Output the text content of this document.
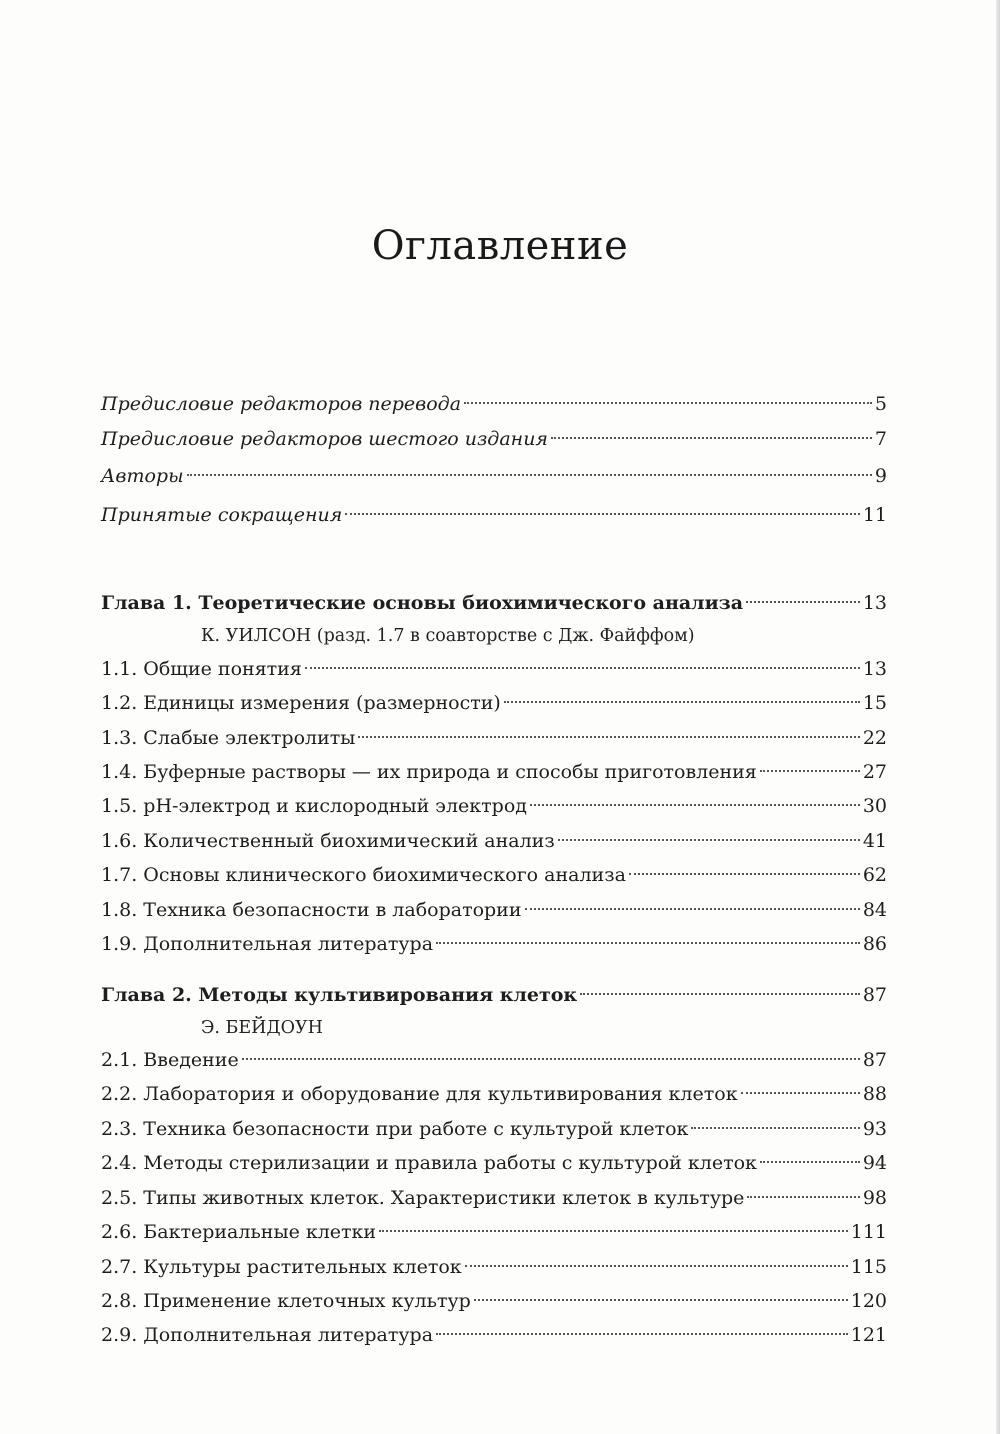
Оглавление
Предисловие редакторов перевода	5
Предисловие редакторов шестого издания	7
Авторы	9
Принятые сокращения	11
Глава 1. Теоретические основы биохимического анализа	13
К. УИЛСОН (разд. 1.7 в соавторстве с Дж. Файффом)
1.1. Общие понятия	13
1.2. Единицы измерения (размерности)	15
1.3. Слабые электролиты	22
1.4. Буферные растворы — их природа и способы приготовления	27
1.5. pH-электрод и кислородный электрод	30
1.6. Количественный биохимический анализ	41
1.7. Основы клинического биохимического анализа	62
1.8. Техника безопасности в лаборатории	84
1.9. Дополнительная литература	86
Глава 2. Методы культивирования клеток	87
Э. БЕЙДОУН
2.1. Введение	87
2.2. Лаборатория и оборудование для культивирования клеток	88
2.3. Техника безопасности при работе с культурой клеток	93
2.4. Методы стерилизации и правила работы с культурой клеток	94
2.5. Типы животных клеток. Характеристики клеток в культуре	98
2.6. Бактериальные клетки	111
2.7. Культуры растительных клеток	115
2.8. Применение клеточных культур	120
2.9. Дополнительная литература	121
